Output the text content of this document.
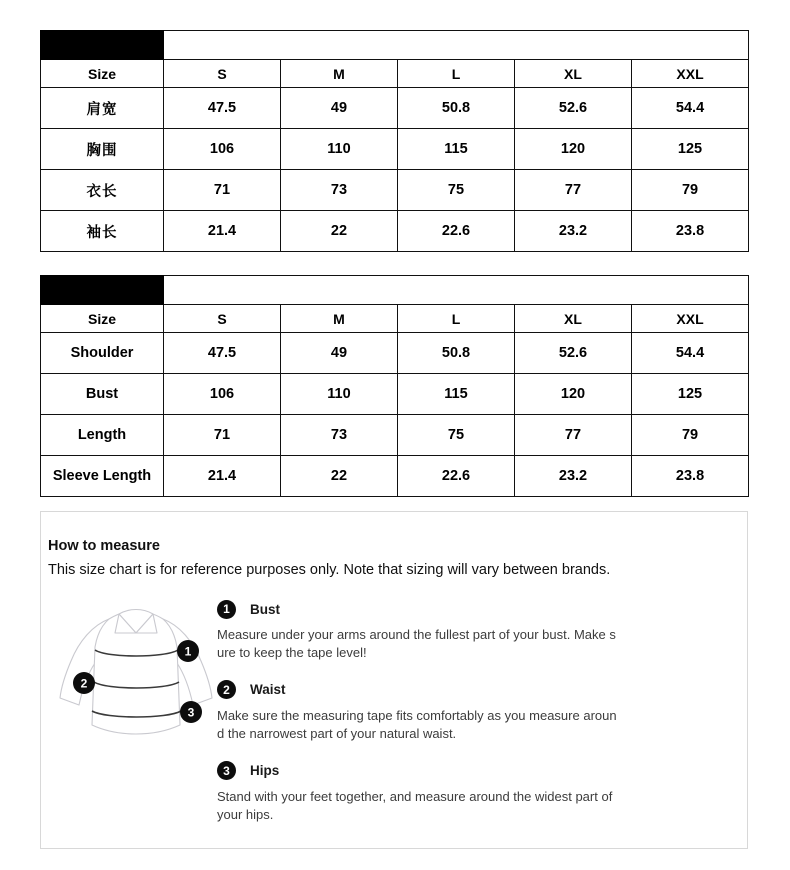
CM（单位）					
Size	S	M	L	XL	XXL
肩宽	47.5	49	50.8	52.6	54.4
胸围	106	110	115	120	125
衣长	71	73	75	77	79
袖长	21.4	22	22.6	23.2	23.8
CM					
Size	S	M	L	XL	XXL
Shoulder	47.5	49	50.8	52.6	54.4
Bust	106	110	115	120	125
Length	71	73	75	77	79
Sleeve Length	21.4	22	22.6	23.2	23.8
How to measure
This size chart is for reference purposes only. Note that sizing will vary between brands.
1
2
3
1	Bust
Measure under your arms around the fullest part of your bust. Make sure to keep the tape level!
2	Waist
Make sure the measuring tape fits comfortably as you measure around the narrowest part of your natural waist.
3	Hips
Stand with your feet together, and measure around the widest part of your hips.
